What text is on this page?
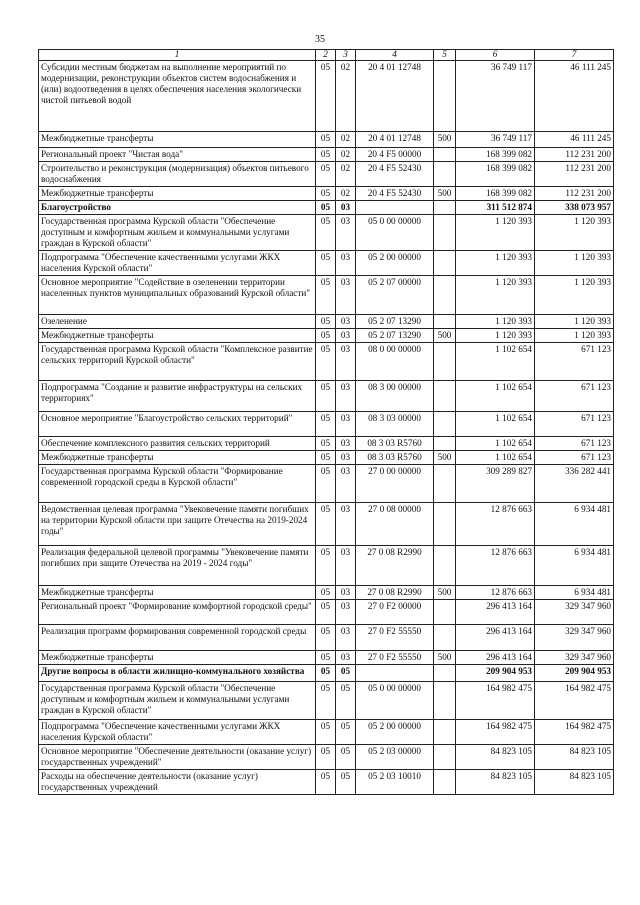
35
1	2	3	4	5	6	7
Субсидии местным бюджетам на выполнение мероприятий по модернизации, реконструкции объектов систем водоснабжения и (или) водоотведения в целях обеспечения населения экологически чистой питьевой водой	05	02	20 4 01 12748		36 749 117	46 111 245
Межбюджетные трансферты	05	02	20 4 01 12748	500	36 749 117	46 111 245
Региональный проект "Чистая вода"	05	02	20 4 F5 00000		168 399 082	112 231 200
Строительство и реконструкция (модернизация) объектов питьевого водоснабжения	05	02	20 4 F5 52430		168 399 082	112 231 200
Межбюджетные трансферты	05	02	20 4 F5 52430	500	168 399 082	112 231 200
Благоустройство	05	03			311 512 874	338 073 957
Государственная программа Курской области "Обеспечение доступным и комфортным жильем и коммунальными услугами граждан в Курской области"	05	03	05 0 00 00000		1 120 393	1 120 393
Подпрограмма "Обеспечение качественными услугами ЖКХ населения Курской области"	05	03	05 2 00 00000		1 120 393	1 120 393
Основное мероприятие "Содействие в озеленении территории населенных пунктов муниципальных образований Курской области"	05	03	05 2 07 00000		1 120 393	1 120 393
Озеленение	05	03	05 2 07 13290		1 120 393	1 120 393
Межбюджетные трансферты	05	03	05 2 07 13290	500	1 120 393	1 120 393
Государственная программа Курской области "Комплексное развитие сельских территорий Курской области"	05	03	08 0 00 00000		1 102 654	671 123
Подпрограмма "Создание и развитие инфраструктуры на сельских территориях"	05	03	08 3 00 00000		1 102 654	671 123
Основное мероприятие "Благоустройство сельских территорий"	05	03	08 3 03 00000		1 102 654	671 123
Обеспечение комплексного развития сельских территорий	05	03	08 3 03 R5760		1 102 654	671 123
Межбюджетные трансферты	05	03	08 3 03 R5760	500	1 102 654	671 123
Государственная программа Курской области "Формирование современной городской среды в Курской области"	05	03	27 0 00 00000		309 289 827	336 282 441
Ведомственная целевая программа "Увековечение памяти погибших на территории Курской области при защите Отечества на 2019-2024 годы"	05	03	27 0 08 00000		12 876 663	6 934 481
Реализация федеральной целевой программы "Увековечение памяти погибших при защите Отечества на 2019 - 2024 годы"	05	03	27 0 08 R2990		12 876 663	6 934 481
Межбюджетные трансферты	05	03	27 0 08 R2990	500	12 876 663	6 934 481
Региональный проект "Формирование комфортной городской среды"	05	03	27 0 F2 00000		296 413 164	329 347 960
Реализация программ формирования современной городской среды	05	03	27 0 F2 55550		296 413 164	329 347 960
Межбюджетные трансферты	05	03	27 0 F2 55550	500	296 413 164	329 347 960
Другие вопросы в области жилищно-коммунального хозяйства	05	05			209 904 953	209 904 953
Государственная программа Курской области "Обеспечение доступным и комфортным жильем и коммунальными услугами граждан в Курской области"	05	05	05 0 00 00000		164 982 475	164 982 475
Подпрограмма "Обеспечение качественными услугами ЖКХ населения Курской области"	05	05	05 2 00 00000		164 982 475	164 982 475
Основное мероприятие "Обеспечение деятельности (оказание услуг) государственных учреждений"	05	05	05 2 03 00000		84 823 105	84 823 105
Расходы на обеспечение деятельности (оказание услуг) государственных учреждений	05	05	05 2 03 10010		84 823 105	84 823 105
